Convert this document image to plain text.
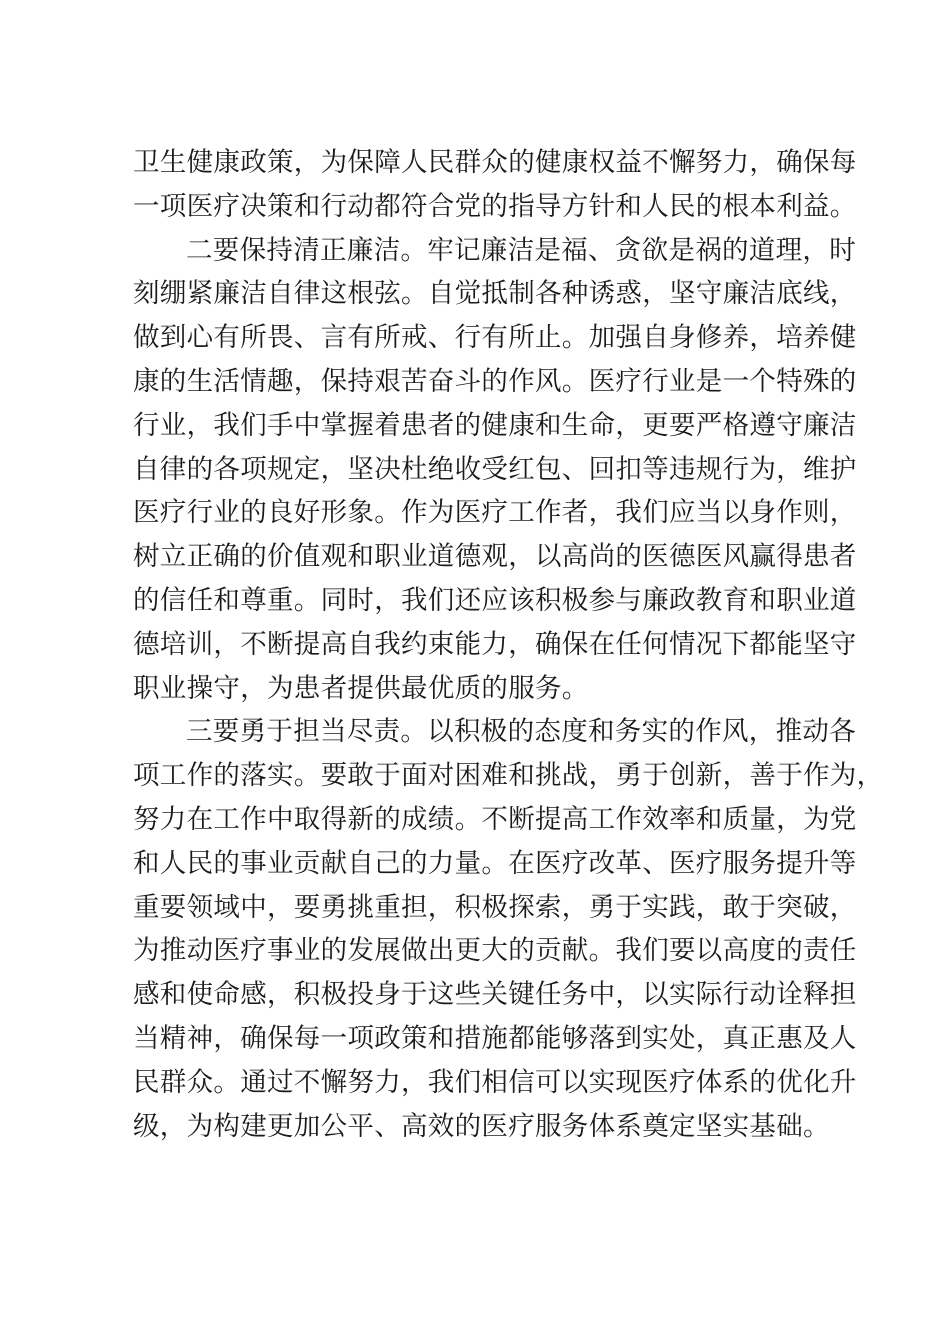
卫生健康政策，为保障人民群众的健康权益不懈努力，确保每
一项医疗决策和行动都符合党的指导方针和人民的根本利益。
二要保持清正廉洁。牢记廉洁是福、贪欲是祸的道理，时
刻绷紧廉洁自律这根弦。自觉抵制各种诱惑，坚守廉洁底线，
做到心有所畏、言有所戒、行有所止。加强自身修养，培养健
康的生活情趣，保持艰苦奋斗的作风。医疗行业是一个特殊的
行业，我们手中掌握着患者的健康和生命，更要严格遵守廉洁
自律的各项规定，坚决杜绝收受红包、回扣等违规行为，维护
医疗行业的良好形象。作为医疗工作者，我们应当以身作则，
树立正确的价值观和职业道德观，以高尚的医德医风赢得患者
的信任和尊重。同时，我们还应该积极参与廉政教育和职业道
德培训，不断提高自我约束能力，确保在任何情况下都能坚守
职业操守，为患者提供最优质的服务。
三要勇于担当尽责。以积极的态度和务实的作风，推动各
项工作的落实。要敢于面对困难和挑战，勇于创新，善于作为，
努力在工作中取得新的成绩。不断提高工作效率和质量，为党
和人民的事业贡献自己的力量。在医疗改革、医疗服务提升等
重要领域中，要勇挑重担，积极探索，勇于实践，敢于突破，
为推动医疗事业的发展做出更大的贡献。我们要以高度的责任
感和使命感，积极投身于这些关键任务中，以实际行动诠释担
当精神，确保每一项政策和措施都能够落到实处，真正惠及人
民群众。通过不懈努力，我们相信可以实现医疗体系的优化升
级，为构建更加公平、高效的医疗服务体系奠定坚实基础。
